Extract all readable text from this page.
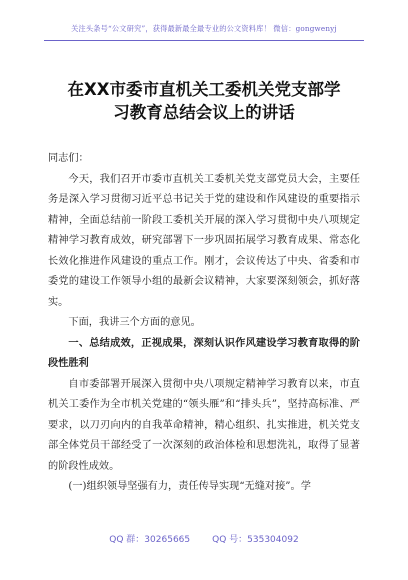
关注头条号“公文研究”，获得最新最全最专业的公文资料库！ 微信：gongwenyj
在XX市委市直机关工委机关党支部学
习教育总结会议上的讲话

同志们：

今天，我们召开市委市直机关工委机关党支部党员大会，主要任务是深入学习贯彻习近平总书记关于党的建设和作风建设的重要指示精神，全面总结前一阶段工委机关开展的深入学习贯彻中央八项规定精神学习教育成效，研究部署下一步巩固拓展学习教育成果、常态化长效化推进作风建设的重点工作。刚才，会议传达了中央、省委和市委党的建设工作领导小组的最新会议精神，大家要深刻领会，抓好落实。

下面，我讲三个方面的意见。

一、总结成效，正视成果，深刻认识作风建设学习教育取得的阶段性胜利

自市委部署开展深入贯彻中央八项规定精神学习教育以来，市直机关工委作为全市机关党建的“领头雁”和“排头兵”，坚持高标准、严要求，以刀刃向内的自我革命精神，精心组织、扎实推进，机关党支部全体党员干部经受了一次深刻的政治体检和思想洗礼，取得了显著的阶段性成效。

(一)组织领导坚强有力，责任传导实现“无缝对接”。学

QQ 群：30265665 QQ 号：535304092
